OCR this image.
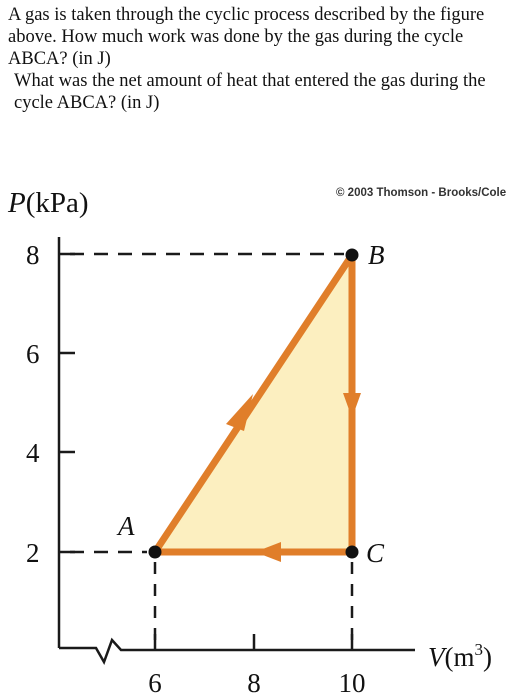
A gas is taken through the cyclic process described by the figure above. How much work was done by the gas during the cycle ABCA? (in J)

What was the net amount of heat that entered the gas during the cycle ABCA? (in J)

A
B
C
8
6
4
2
6	8	10
P(kPa)
$V(m^3)$
© 2003 Thomson - Brooks/Cole
